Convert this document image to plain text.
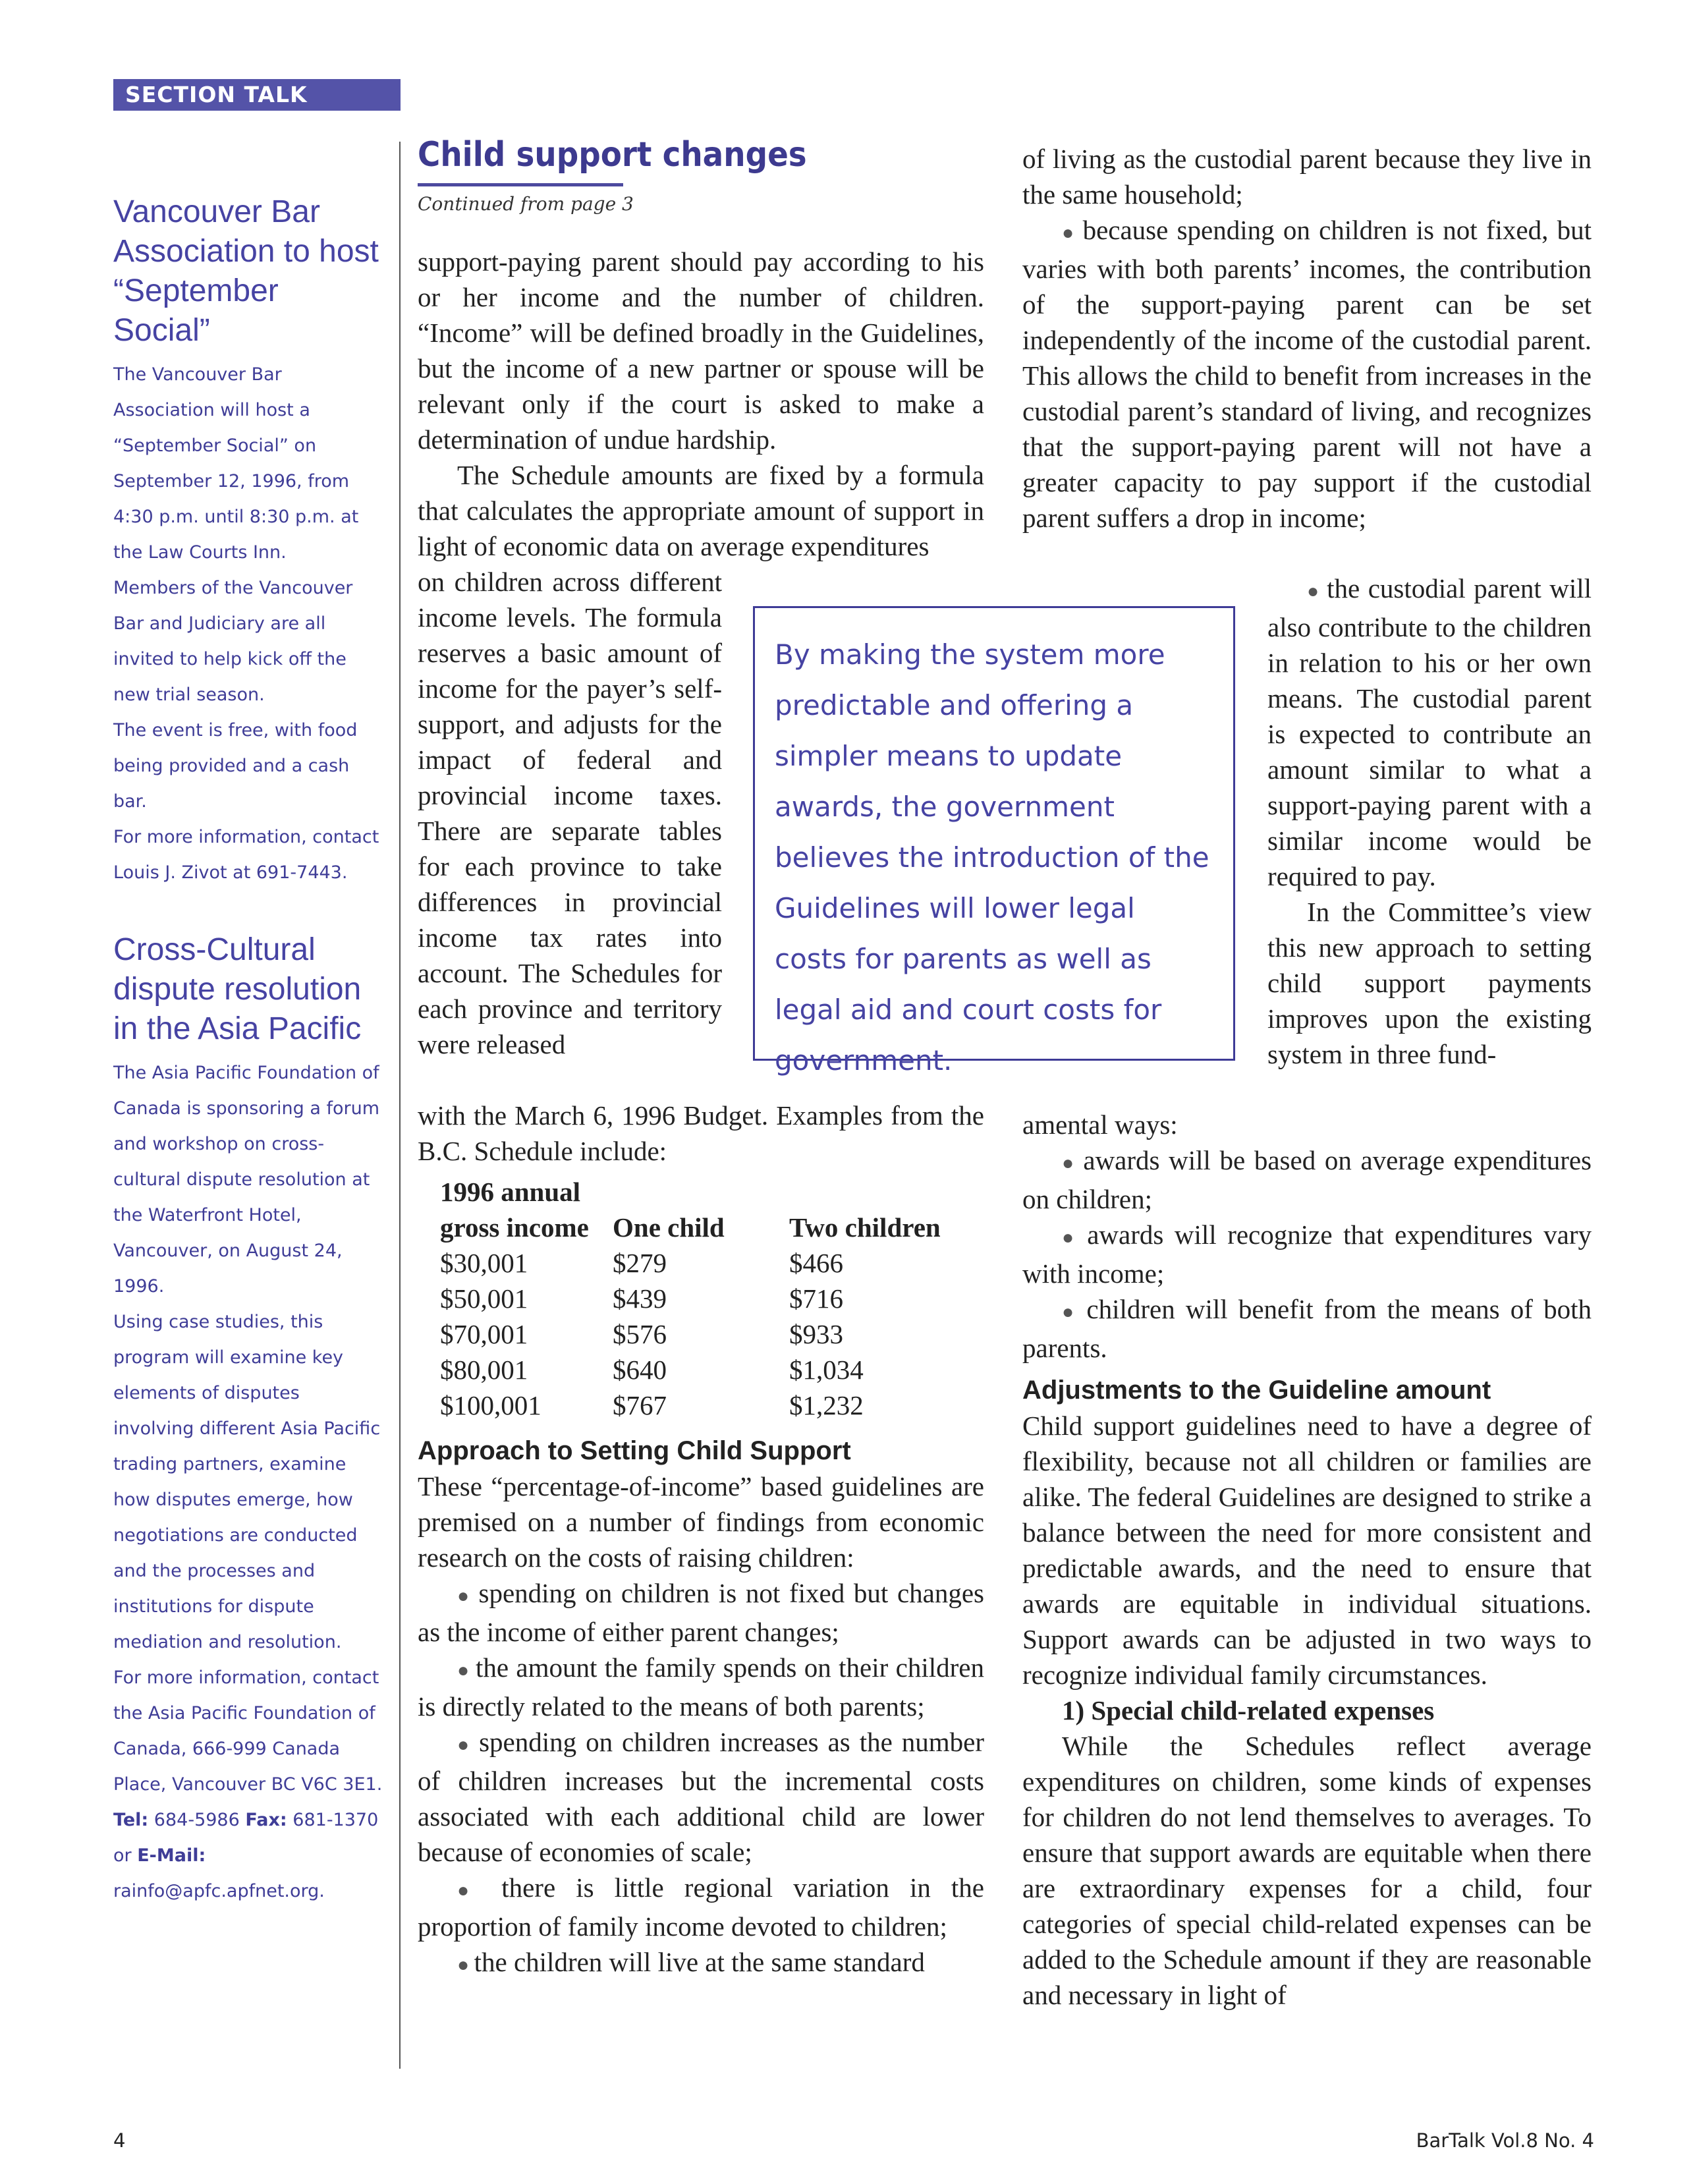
SECTION TALK
Vancouver Bar Association to host “September Social”

The Vancouver Bar Association will host a “September Social” on September 12, 1996, from 4:30 p.m. until 8:30 p.m. at the Law Courts Inn.

Members of the Vancouver Bar and Judiciary are all invited to help kick off the new trial season.

The event is free, with food being provided and a cash bar.

For more information, contact Louis J. Zivot at 691-7443.

Cross-Cultural dispute resolution in the Asia Pacific

The Asia Pacific Foundation of Canada is sponsoring a forum and workshop on cross-cultural dispute resolution at the Waterfront Hotel, Vancouver, on August 24, 1996.

Using case studies, this program will examine key elements of disputes involving different Asia Pacific trading partners, examine how disputes emerge, how negotiations are conducted and the processes and institutions for dispute mediation and resolution.

For more information, contact the Asia Pacific Foundation of Canada, 666-999 Canada Place, Vancouver BC V6C 3E1. Tel: 684-5986 Fax: 681-1370 or E-Mail: rainfo@apfc.apfnet.org.

Child support changes
Continued from page 3

support-paying parent should pay according to his or her income and the number of children. “Income” will be defined broadly in the Guidelines, but the income of a new partner or spouse will be relevant only if the court is asked to make a determination of undue hardship.

The Schedule amounts are fixed by a formula that calculates the appropriate amount of support in light of economic data on average expenditures

on children across different income levels. The formula reserves a basic amount of income for the payer’s self-support, and adjusts for the impact of federal and provincial income taxes. There are separate tables for each province to take differences in provincial income tax rates into account. The Schedules for each province and territory were released

with the March 6, 1996 Budget. Examples from the B.C. Schedule include:

1996 annual		
gross income	One child	Two children
$30,001	$279	$466
$50,001	$439	$716
$70,001	$576	$933
$80,001	$640	$1,034
$100,001	$767	$1,232
Approach to Setting Child Support

These “percentage-of-income” based guidelines are premised on a number of findings from economic research on the costs of raising children:

● spending on children is not fixed but changes as the income of either parent changes;

● the amount the family spends on their children is directly related to the means of both parents;

● spending on children increases as the number of children increases but the incremental costs associated with each additional child are lower because of economies of scale;

● there is little regional variation in the proportion of family income devoted to children;

● the children will live at the same standard

By making the system more predictable and offering a simpler means to update awards, the government believes the introduction of the Guidelines will lower legal costs for parents as well as legal aid and court costs for government.

of living as the custodial parent because they live in the same household;

● because spending on children is not fixed, but varies with both parents’ incomes, the contribution of the support-paying parent can be set independently of the income of the custodial parent. This allows the child to benefit from increases in the custodial parent’s standard of living, and recognizes that the support-paying parent will not have a greater capacity to pay support if the custodial parent suffers a drop in income;

● the custodial parent will also contribute to the children in relation to his or her own means. The custodial parent is expected to contribute an amount similar to what a support-paying parent with a similar income would be required to pay.

In the Committee’s view this new approach to setting child support payments improves upon the existing system in three fund-

amental ways:

● awards will be based on average expenditures on children;

● awards will recognize that expenditures vary with income;

● children will benefit from the means of both parents.

Adjustments to the Guideline amount

Child support guidelines need to have a degree of flexibility, because not all children or families are alike. The federal Guidelines are designed to strike a balance between the need for more consistent and predictable awards, and the need to ensure that awards are equitable in individual situations. Support awards can be adjusted in two ways to recognize individual family circumstances.

1) Special child-related expenses

While the Schedules reflect average expenditures on children, some kinds of expenses for children do not lend themselves to averages. To ensure that support awards are equitable when there are extraordinary expenses for a child, four categories of special child-related expenses can be added to the Schedule amount if they are reasonable and necessary in light of

4	BarTalk Vol.8 No. 4
